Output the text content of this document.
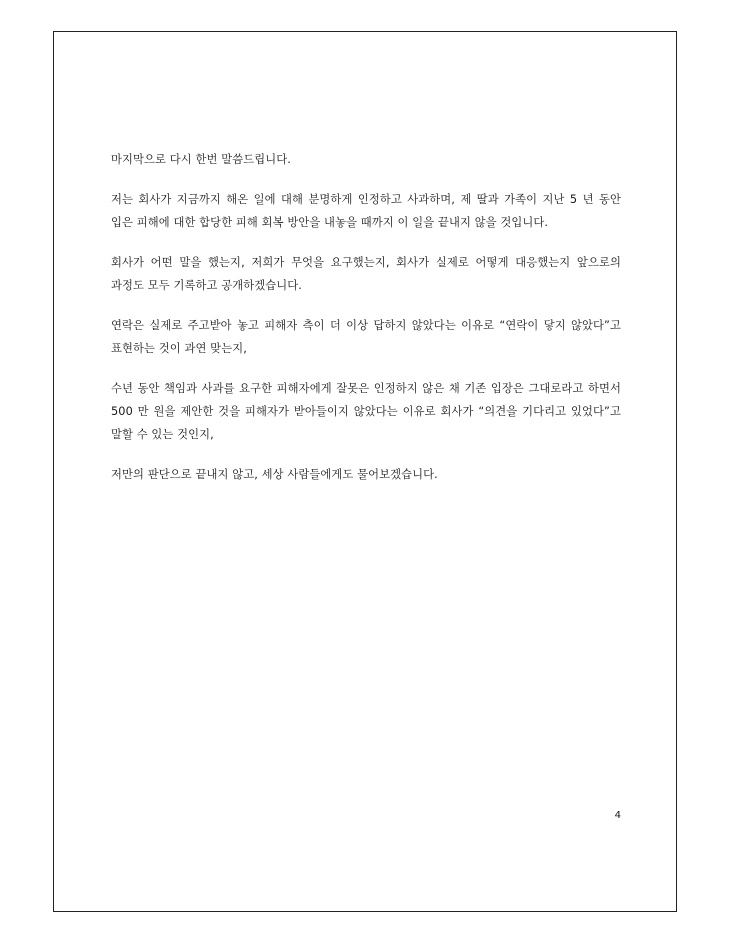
마지막으로 다시 한번 말씀드립니다.

저는 회사가 지금까지 해온 일에 대해 분명하게 인정하고 사과하며, 제 딸과 가족이 지난 5 년 동안 입은 피해에 대한 합당한 피해 회복 방안을 내놓을 때까지 이 일을 끝내지 않을 것입니다.

회사가 어떤 말을 했는지, 저희가 무엇을 요구했는지, 회사가 실제로 어떻게 대응했는지 앞으로의 과정도 모두 기록하고 공개하겠습니다.

연락은 실제로 주고받아 놓고 피해자 측이 더 이상 답하지 않았다는 이유로 “연락이 닿지 않았다”고 표현하는 것이 과연 맞는지,

수년 동안 책임과 사과를 요구한 피해자에게 잘못은 인정하지 않은 채 기존 입장은 그대로라고 하면서 500 만 원을 제안한 것을 피해자가 받아들이지 않았다는 이유로 회사가 “의견을 기다리고 있었다”고 말할 수 있는 것인지,

저만의 판단으로 끝내지 않고, 세상 사람들에게도 물어보겠습니다.

4
